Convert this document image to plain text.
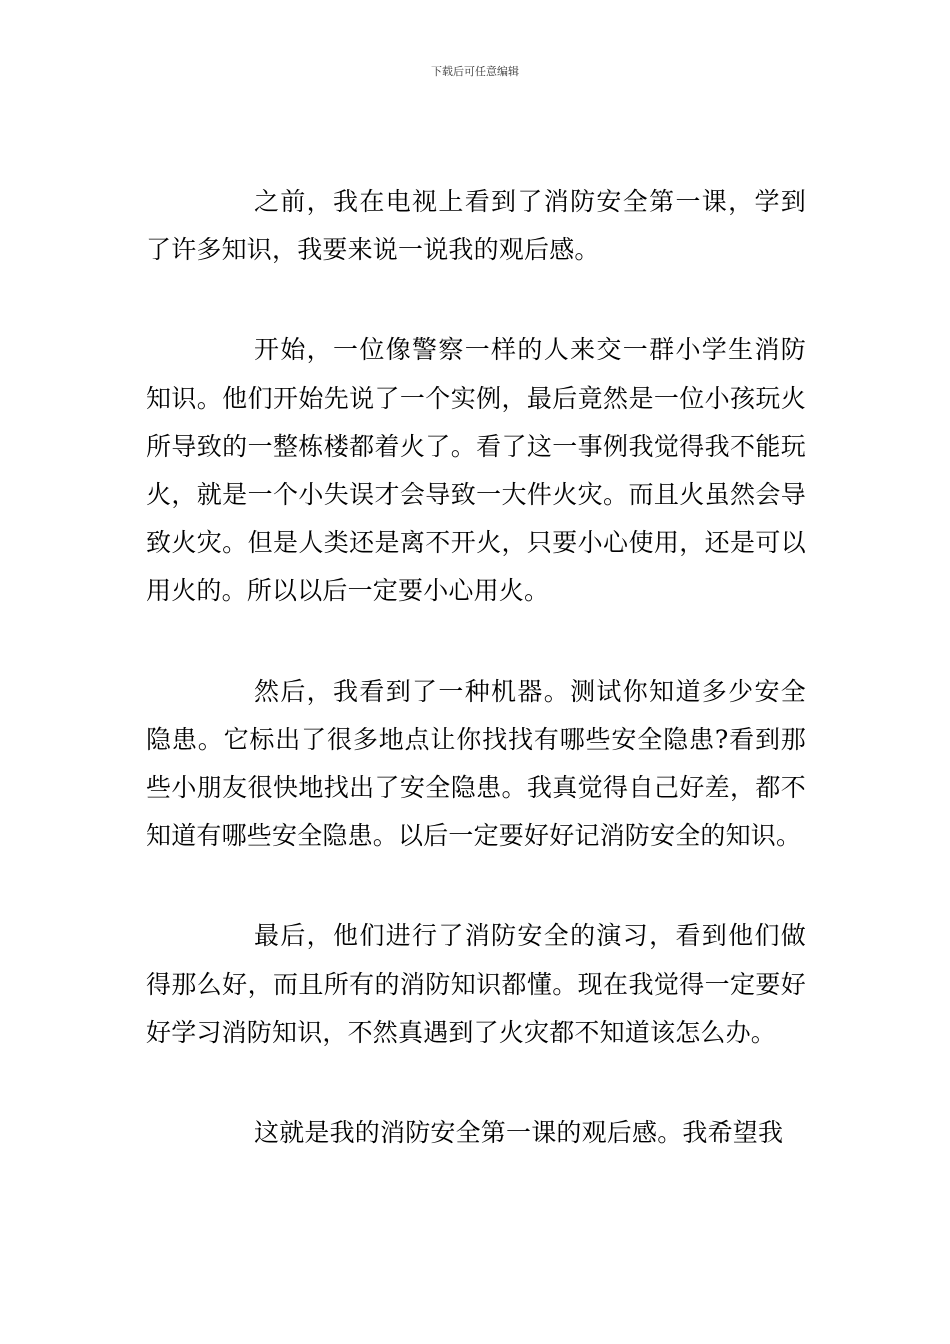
下载后可任意编辑

之前，我在电视上看到了消防安全第一课，学到了许多知识，我要来说一说我的观后感。

开始，一位像警察一样的人来交一群小学生消防知识。他们开始先说了一个实例，最后竟然是一位小孩玩火所导致的一整栋楼都着火了。看了这一事例我觉得我不能玩火，就是一个小失误才会导致一大件火灾。而且火虽然会导致火灾。但是人类还是离不开火，只要小心使用，还是可以用火的。所以以后一定要小心用火。

然后，我看到了一种机器。测试你知道多少安全隐患。它标出了很多地点让你找找有哪些安全隐患?看到那些小朋友很快地找出了安全隐患。我真觉得自己好差，都不知道有哪些安全隐患。以后一定要好好记消防安全的知识。

最后，他们进行了消防安全的演习，看到他们做得那么好，而且所有的消防知识都懂。现在我觉得一定要好好学习消防知识，不然真遇到了火灾都不知道该怎么办。

这就是我的消防安全第一课的观后感。我希望我
